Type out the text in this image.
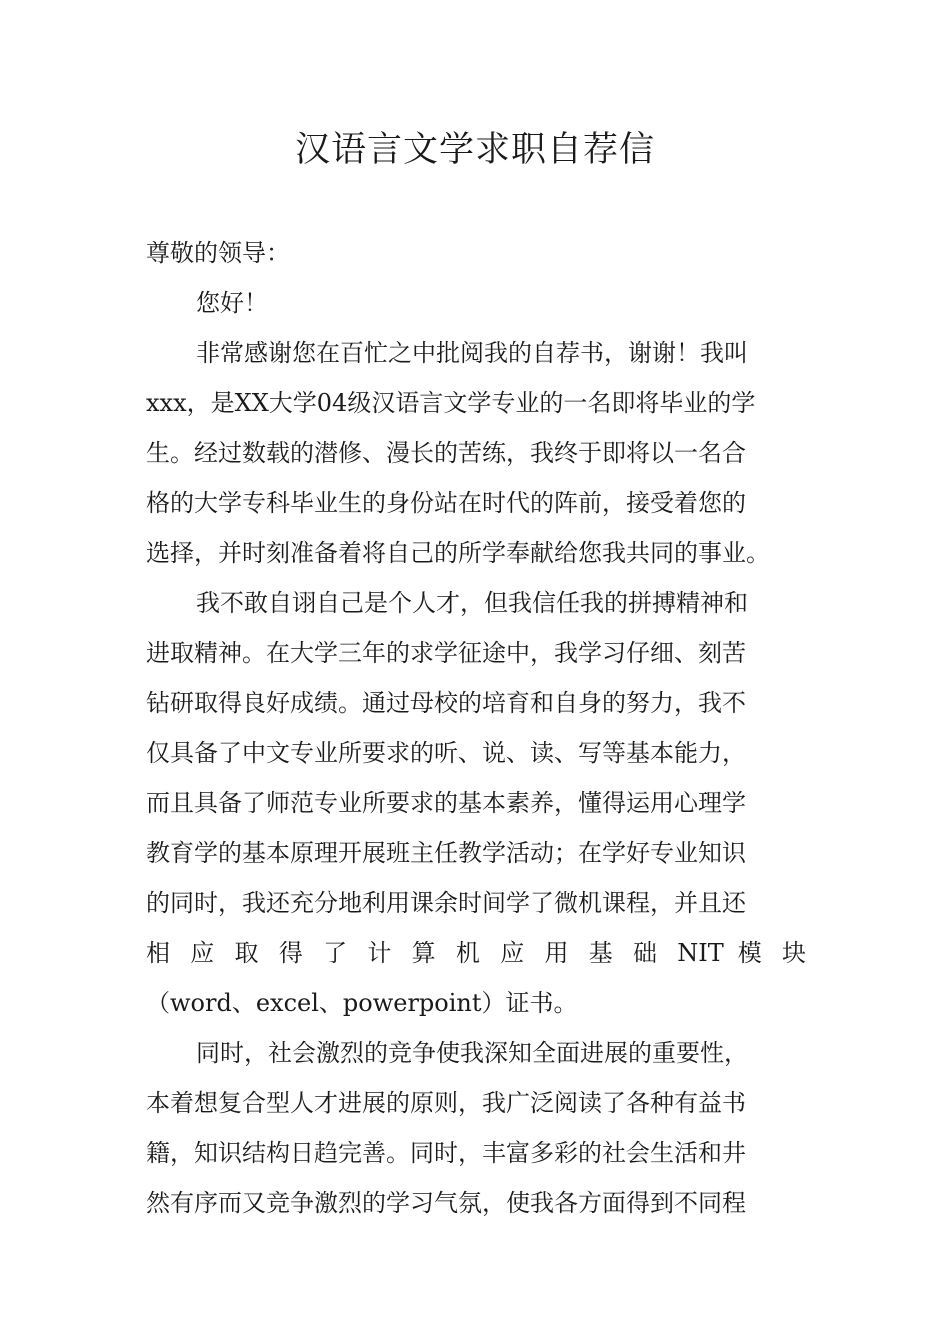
汉语言文学求职自荐信
尊敬的领导：
您好！
非常感谢您在百忙之中批阅我的自荐书，谢谢！我叫
xxx，是XX大学04级汉语言文学专业的一名即将毕业的学
生。经过数载的潜修、漫长的苦练，我终于即将以一名合
格的大学专科毕业生的身份站在时代的阵前，接受着您的
选择，并时刻准备着将自己的所学奉献给您我共同的事业。
我不敢自诩自己是个人才，但我信任我的拼搏精神和
进取精神。在大学三年的求学征途中，我学习仔细、刻苦
钻研取得良好成绩。通过母校的培育和自身的努力，我不
仅具备了中文专业所要求的听、说、读、写等基本能力，
而且具备了师范专业所要求的基本素养，懂得运用心理学
教育学的基本原理开展班主任教学活动；在学好专业知识
的同时，我还充分地利用课余时间学了微机课程，并且还
相 应 取 得 了 计 算 机 应 用 基 础 NIT 模 块
（word、excel、powerpoint）证书。
同时，社会激烈的竞争使我深知全面进展的重要性，
本着想复合型人才进展的原则，我广泛阅读了各种有益书
籍，知识结构日趋完善。同时，丰富多彩的社会生活和井
然有序而又竞争激烈的学习气氛，使我各方面得到不同程
